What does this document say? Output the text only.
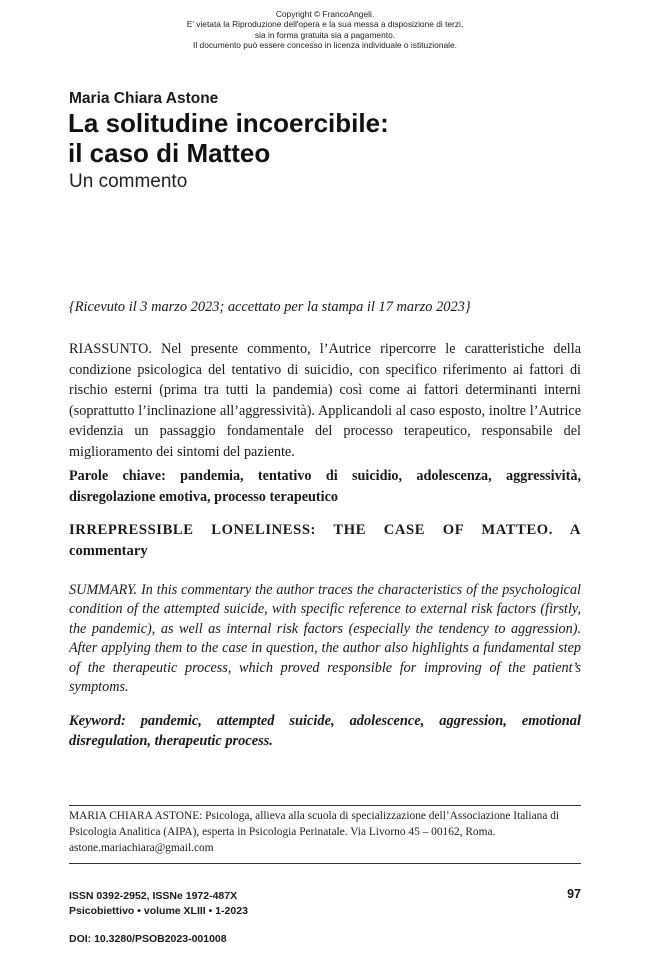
Copyright © FrancoAngeli.
E' vietata la Riproduzione dell'opera e la sua messa a disposizione di terzi,
sia in forma gratuita sia a pagamento.
Il documento può essere concesso in licenza individuale o istituzionale.
Maria Chiara Astone
La solitudine incoercibile:
il caso di Matteo
Un commento
{Ricevuto il 3 marzo 2023; accettato per la stampa il 17 marzo 2023}
RIASSUNTO. Nel presente commento, l’Autrice ripercorre le caratteristiche della condizione psicologica del tentativo di suicidio, con specifico riferimento ai fattori di rischio esterni (prima tra tutti la pandemia) così come ai fattori determinanti interni (soprattutto l’inclinazione all’aggressività). Applicandoli al caso esposto, inoltre l’Autrice evidenzia un passaggio fondamentale del processo terapeutico, responsabile del miglioramento dei sintomi del paziente.
Parole chiave: pandemia, tentativo di suicidio, adolescenza, aggressività, disregolazione emotiva, processo terapeutico
IRREPRESSIBLE LONELINESS: THE CASE OF MATTEO. A commentary
SUMMARY. In this commentary the author traces the characteristics of the psychological condition of the attempted suicide, with specific reference to external risk factors (firstly, the pandemic), as well as internal risk factors (especially the tendency to aggression). After applying them to the case in question, the author also highlights a fundamental step of the therapeutic process, which proved responsible for improving of the patient’s symptoms.
Keyword: pandemic, attempted suicide, adolescence, aggression, emotional disregulation, therapeutic process.
MARIA CHIARA ASTONE: Psicologa, allieva alla scuola di specializzazione dell’Associazione Italiana di Psicologia Analitica (AIPA), esperta in Psicologia Perinatale. Via Livorno 45 – 00162, Roma.
astone.mariachiara@gmail.com
ISSN 0392-2952, ISSNe 1972-487X
Psicobiettivo • volume XLIII • 1-2023
97
DOI: 10.3280/PSOB2023-001008
